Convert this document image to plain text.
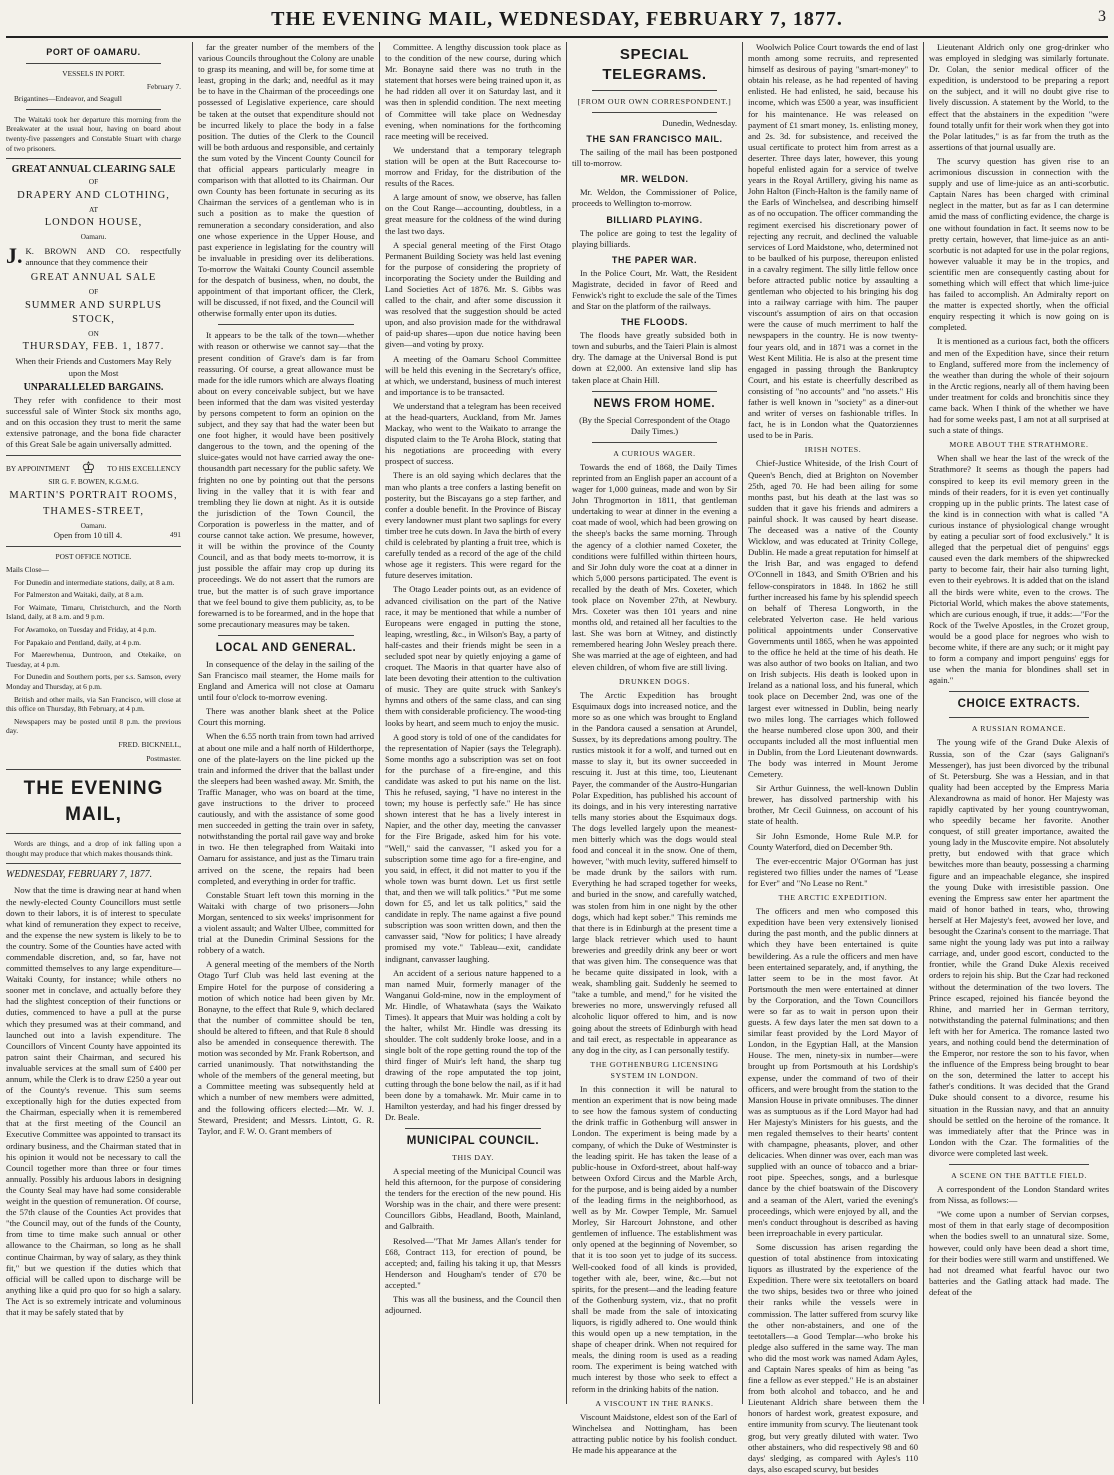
THE EVENING MAIL, WEDNESDAY, FEBRUARY 7, 1877.	3
PORT OF OAMARU.

VESSELS IN PORT.

February 7.

Brigantines—Endeavor, and Seagull

The Waitaki took her departure this morning from the Breakwater at the usual hour, having on board about twenty-five passengers and Constable Stuart with charge of two prisoners.

GREAT ANNUAL CLEARING SALE
OF
DRAPERY AND CLOTHING,
AT
LONDON HOUSE,
Oamaru.

J. K. BROWN AND CO. respectfully announce that they commence their

GREAT ANNUAL SALE
OF
SUMMER AND SURPLUS STOCK,
ON
THURSDAY, FEB. 1, 1877.

When their Friends and Customers May Rely upon the Most

UNPARALLELED BARGAINS.

They refer with confidence to their most successful sale of Winter Stock six months ago, and on this occasion they trust to merit the same extensive patronage, and the bona fide character of this Great Sale be again universally admitted.

BY APPOINTMENT ♔ TO HIS EXCELLENCY
SIR G. F. BOWEN, K.G.M.G.
MARTIN'S PORTRAIT ROOMS,
THAMES-STREET,
Oamaru.
Open from 10 till 4.	491

POST OFFICE NOTICE.

Mails Close—

For Dunedin and intermediate stations, daily, at 8 a.m.

For Palmerston and Waitaki, daily, at 8 a.m.

For Waimate, Timaru, Christchurch, and the North Island, daily, at 8 a.m. and 9 p.m.

For Awamoko, on Tuesday and Friday, at 4 p.m.

For Papakaio and Pentland, daily, at 4 p.m.

For Maerewhenua, Duntroon, and Otekaike, on Tuesday, at 4 p.m.

For Dunedin and Southern ports, per s.s. Samson, every Monday and Thursday, at 6 p.m.

British and other mails, via San Francisco, will close at this office on Thursday, 8th February, at 4 p.m.

Newspapers may be posted until 8 p.m. the previous day.

FRED. BICKNELL,

Postmaster.

THE EVENING MAIL,

Words are things, and a drop of ink falling upon a thought may produce that which makes thousands think.

WEDNESDAY, FEBRUARY 7, 1877.

Now that the time is drawing near at hand when the newly-elected County Councillors must settle down to their labors, it is of interest to speculate what kind of remuneration they expect to receive, and the expense the new system is likely to be to the country. Some of the Counties have acted with commendable discretion, and, so far, have not committed themselves to any large expenditure—Waitaki County, for instance; while others no sooner met in conclave, and actually before they had the slightest conception of their functions or duties, commenced to have a pull at the purse which they presumed was at their command, and launched out into a lavish expenditure. The Councillors of Vincent County have appointed its patron saint their Chairman, and secured his invaluable services at the small sum of £400 per annum, while the Clerk is to draw £250 a year out of the County's revenue. This sum seems exceptionally high for the duties expected from the Chairman, especially when it is remembered that at the first meeting of the Council an Executive Committee was appointed to transact its ordinary business, and the Chairman stated that in his opinion it would not be necessary to call the Council together more than three or four times annually. Possibly his arduous labors in designing the County Seal may have had some considerable weight in the question of remuneration. Of course, the 57th clause of the Counties Act provides that "the Council may, out of the funds of the County, from time to time make such annual or other allowance to the Chairman, so long as he shall continue Chairman, by way of salary, as they think fit," but we question if the duties which that official will be called upon to discharge will be anything like a quid pro quo for so high a salary. The Act is so extremely intricate and voluminous that it may be safely stated that by

far the greater number of the members of the various Councils throughout the Colony are unable to grasp its meaning, and will be, for some time at least, groping in the dark; and, needful as it may be to have in the Chairman of the proceedings one possessed of Legislative experience, care should be taken at the outset that expenditure should not be incurred likely to place the body in a false position. The duties of the Clerk to the Council will be both arduous and responsible, and certainly the sum voted by the Vincent County Council for that official appears particularly meagre in comparison with that allotted to its Chairman. Our own County has been fortunate in securing as its Chairman the services of a gentleman who is in such a position as to make the question of remuneration a secondary consideration, and also one whose experience in the Upper House, and past experience in legislating for the country will be invaluable in presiding over its deliberations. To-morrow the Waitaki County Council assemble for the despatch of business, when, no doubt, the appointment of that important officer, the Clerk, will be discussed, if not fixed, and the Council will otherwise formally enter upon its duties.

It appears to be the talk of the town—whether with reason or otherwise we cannot say—that the present condition of Grave's dam is far from reassuring. Of course, a great allowance must be made for the idle rumors which are always floating about on every conceivable subject, but we have been informed that the dam was visited yesterday by persons competent to form an opinion on the subject, and they say that had the water been but one foot higher, it would have been positively dangerous to the town, and the opening of the sluice-gates would not have carried away the one-thousandth part necessary for the public safety. We frighten no one by pointing out that the persons living in the valley that it is with fear and trembling they lie down at night. As it is outside the jurisdiction of the Town Council, the Corporation is powerless in the matter, and of course cannot take action. We presume, however, it will be within the province of the County Council, and as that body meets to-morrow, it is just possible the affair may crop up during its proceedings. We do not assert that the rumors are true, but the matter is of such grave importance that we feel bound to give them publicity, as, to be forewarned is to be forearmed, and in the hope that some precautionary measures may be taken.

LOCAL AND GENERAL.

In consequence of the delay in the sailing of the San Francisco mail steamer, the Home mails for England and America will not close at Oamaru until four o'clock to-morrow evening.

There was another blank sheet at the Police Court this morning.

When the 6.55 north train from town had arrived at about one mile and a half north of Hilderthorpe, one of the plate-layers on the line picked up the train and informed the driver that the ballast under the sleepers had been washed away. Mr. Smith, the Traffic Manager, who was on board at the time, gave instructions to the driver to proceed cautiously, and with the assistance of some good men succeeded in getting the train over in safety, notwithstanding the portal rail gave way and broke in two. He then telegraphed from Waitaki into Oamaru for assistance, and just as the Timaru train arrived on the scene, the repairs had been completed, and everything in order for traffic.

Constable Stuart left town this morning in the Waitaki with charge of two prisoners—John Morgan, sentenced to six weeks' imprisonment for a violent assault; and Walter Ulbee, committed for trial at the Dunedin Criminal Sessions for the robbery of a watch.

A general meeting of the members of the North Otago Turf Club was held last evening at the Empire Hotel for the purpose of considering a motion of which notice had been given by Mr. Bonayne, to the effect that Rule 9, which declared that the number of committee should be ten, should be altered to fifteen, and that Rule 8 should also be amended in consequence therewith. The motion was seconded by Mr. Frank Robertson, and carried unanimously. That notwithstanding the whole of the members of the general meeting, but a Committee meeting was subsequently held at which a number of new members were admitted, and the following officers elected:—Mr. W. J. Steward, President; and Messrs. Lintott, G. R. Taylor, and F. W. O. Grant members of

Committee. A lengthy discussion took place as to the condition of the new course, during which Mr. Bonayne said there was no truth in the statement that horses were being trained upon it, as he had ridden all over it on Saturday last, and it was then in splendid condition. The next meeting of Committee will take place on Wednesday evening, when nominations for the forthcoming race meeting will be received.

We understand that a temporary telegraph station will be open at the Butt Racecourse to-morrow and Friday, for the distribution of the results of the Races.

A large amount of snow, we observe, has fallen on the Cout Range—accounting, doubtless, in a great measure for the coldness of the wind during the last two days.

A special general meeting of the First Otago Permanent Building Society was held last evening for the purpose of considering the propriety of incorporating the Society under the Building and Land Societies Act of 1876. Mr. S. Gibbs was called to the chair, and after some discussion it was resolved that the suggestion should be acted upon, and also provision made for the withdrawal of paid-up shares—upon due notice having been given—and voting by proxy.

A meeting of the Oamaru School Committee will be held this evening in the Secretary's office, at which, we understand, business of much interest and importance is to be transacted.

We understand that a telegram has been received at the head-quarters, Auckland, from Mr. James Mackay, who went to the Waikato to arrange the disputed claim to the Te Aroha Block, stating that his negotiations are proceeding with every prospect of success.

There is an old saying which declares that the man who plants a tree confers a lasting benefit on posterity, but the Biscayans go a step farther, and confer a double benefit. In the Province of Biscay every landowner must plant two saplings for every timber tree he cuts down. In Java the birth of every child is celebrated by planting a fruit tree, which is carefully tended as a record of the age of the child whose age it registers. This were regard for the future deserves imitation.

The Otago Leader points out, as an evidence of advanced civilisation on the part of the Native race, it may be mentioned that while a number of Europeans were engaged in putting the stone, leaping, wrestling, &c., in Wilson's Bay, a party of half-castes and their friends might be seen in a secluded spot near by quietly enjoying a game of croquet. The Maoris in that quarter have also of late been devoting their attention to the cultivation of music. They are quite struck with Sankey's hymns and others of the same class, and can sing them with considerable proficiency. The wood-ting looks by heart, and seem much to enjoy the music.

A good story is told of one of the candidates for the representation of Napier (says the Telegraph). Some months ago a subscription was set on foot for the purchase of a fire-engine, and this candidate was asked to put his name on the list. This he refused, saying, "I have no interest in the town; my house is perfectly safe." He has since shown interest that he has a lively interest in Napier, and the other day, meeting the canvasser for the Fire Brigade, asked him for his vote. "Well," said the canvasser, "I asked you for a subscription some time ago for a fire-engine, and you said, in effect, it did not matter to you if the whole town was burnt down. Let us first settle that, and then we will talk politics." "Put me some down for £5, and let us talk politics," said the candidate in reply. The name against a five pound subscription was soon written down, and then the canvasser said, "Now for politics; I have already promised my vote." Tableau—exit, candidate indignant, canvasser laughing.

An accident of a serious nature happened to a man named Muir, formerly manager of the Wanganui Gold-mine, now in the employment of Mr. Hindle, of Whatawhata (says the Waikato Times). It appears that Muir was holding a colt by the halter, whilst Mr. Hindle was dressing its shoulder. The colt suddenly broke loose, and in a single bolt of the rope getting round the top of the third finger of Muir's left hand, the sharp tug drawing of the rope amputated the top joint, cutting through the bone below the nail, as if it had been done by a tomahawk. Mr. Muir came in to Hamilton yesterday, and had his finger dressed by Dr. Beale.

MUNICIPAL COUNCIL.
THIS DAY.

A special meeting of the Municipal Council was held this afternoon, for the purpose of considering the tenders for the erection of the new pound. His Worship was in the chair, and there were present: Councillors Gibbs, Headland, Booth, Mainland, and Galbraith.

Resolved—"That Mr James Allan's tender for £68, Contract 113, for erection of pound, be accepted; and, failing his taking it up, that Messrs Henderson and Hougham's tender of £70 be accepted."

This was all the business, and the Council then adjourned.

SPECIAL TELEGRAMS.
[FROM OUR OWN CORRESPONDENT.]

Dunedin, Wednesday.

THE SAN FRANCISCO MAIL.

The sailing of the mail has been postponed till to-morrow.

MR. WELDON.

Mr. Weldon, the Commissioner of Police, proceeds to Wellington to-morrow.

BILLIARD PLAYING.

The police are going to test the legality of playing billiards.

THE PAPER WAR.

In the Police Court, Mr. Watt, the Resident Magistrate, decided in favor of Reed and Fenwick's right to exclude the sale of the Times and Star on the platform of the railways.

THE FLOODS.

The floods have greatly subsided both in town and suburbs, and the Taieri Plain is almost dry. The damage at the Universal Bond is put down at £2,000. An extensive land slip has taken place at Chain Hill.

NEWS FROM HOME.

(By the Special Correspondent of the Otago Daily Times.)

A CURIOUS WAGER.

Towards the end of 1868, the Daily Times reprinted from an English paper an account of a wager for 1,000 guineas, made and won by Sir John Throgmorton in 1811, that gentleman undertaking to wear at dinner in the evening a coat made of wool, which had been growing on the sheep's backs the same morning. Through the agency of a clothier named Coxeter, the conditions were fulfilled within thirteen hours, and Sir John duly wore the coat at a dinner in which 5,000 persons participated. The event is recalled by the death of Mrs. Coxeter, which took place on November 27th, at Newbury. Mrs. Coxeter was then 101 years and nine months old, and retained all her faculties to the last. She was born at Witney, and distinctly remembered hearing John Wesley preach there. She was married at the age of eighteen, and had eleven children, of whom five are still living.

DRUNKEN DOGS.

The Arctic Expedition has brought Esquimaux dogs into increased notice, and the more so as one which was brought to England in the Pandora caused a sensation at Arundel, Sussex, by its depredations among poultry. The rustics mistook it for a wolf, and turned out en masse to slay it, but its owner succeeded in rescuing it. Just at this time, too, Lieutenant Payer, the commander of the Austro-Hungarian Polar Expedition, has published his account of its doings, and in his very interesting narrative tells many stories about the Esquimaux dogs. The dogs levelled largely upon the meanest-men bitterly which was the dogs would steal food and conceal it in the snow. One of them, however, "with much levity, suffered himself to be made drunk by the sailors with rum. Everything he had scraped together for weeks, and buried in the snow, and carefully watched, was stolen from him in one night by the other dogs, which had kept sober." This reminds me that there is in Edinburgh at the present time a large black retriever which used to haunt breweries and greedily drink any beer or wort that was given him. The consequence was that he became quite dissipated in look, with a weak, shambling gait. Suddenly he seemed to "take a tumble, and mend," for he visited the breweries no more, unswervingly refused all alcoholic liquor offered to him, and is now going about the streets of Edinburgh with head and tail erect, as respectable in appearance as any dog in the city, as I can personally testify.

THE GOTHENBURG LICENSING SYSTEM IN LONDON.

In this connection it will be natural to mention an experiment that is now being made to see how the famous system of conducting the drink traffic in Gothenburg will answer in London. The experiment is being made by a company, of which the Duke of Westminster is the leading spirit. He has taken the lease of a public-house in Oxford-street, about half-way between Oxford Circus and the Marble Arch, for the purpose, and is being aided by a number of the leading firms in the neighborhood, as well as by Mr. Cowper Temple, Mr. Samuel Morley, Sir Harcourt Johnstone, and other gentlemen of influence. The establishment was only opened at the beginning of November, so that it is too soon yet to judge of its success. Well-cooked food of all kinds is provided, together with ale, beer, wine, &c.—but not spirits, for the present—and the leading feature of the Gothenburg system, viz., that no profit shall be made from the sale of intoxicating liquors, is rigidly adhered to. One would think this would open up a new temptation, in the shape of cheaper drink. When not required for meals, the dining room is used as a reading room. The experiment is being watched with much interest by those who seek to effect a reform in the drinking habits of the nation.

A VISCOUNT IN THE RANKS.

Viscount Maidstone, eldest son of the Earl of Winchelsea and Nottingham, has been attracting public notice by his foolish conduct. He made his appearance at the

Woolwich Police Court towards the end of last month among some recruits, and represented himself as desirous of paying "smart-money" to obtain his release, as he had repented of having enlisted. He had enlisted, he said, because his income, which was £500 a year, was insufficient for his maintenance. He was released on payment of £1 smart money, 1s. enlisting money, and 2s. 3d. for subsistence, and received the usual certificate to protect him from arrest as a deserter. Three days later, however, this young hopeful enlisted again for a service of twelve years in the Royal Artillery, giving his name as John Halton (Finch-Halton is the family name of the Earls of Winchelsea, and describing himself as of no occupation. The officer commanding the regiment exercised his discretionary power of rejecting any recruit, and declined the valuable services of Lord Maidstone, who, determined not to be baulked of his purpose, thereupon enlisted in a cavalry regiment. The silly little fellow once before attracted public notice by assaulting a gentleman who objected to his bringing his dog into a railway carriage with him. The pauper viscount's assumption of airs on that occasion were the cause of much merriment to half the newspapers in the country. He is now twenty-four years old, and in 1871 was a cornet in the West Kent Militia. He is also at the present time engaged in passing through the Bankruptcy Court, and his estate is cheerfully described as consisting of "no accounts" and "no assets." His father is well known in "society" as a diner-out and writer of verses on fashionable trifles. In fact, he is in London what the Quatorziennes used to be in Paris.

IRISH NOTES.

Chief-Justice Whiteside, of the Irish Court of Queen's Bench, died at Brighton on November 25th, aged 70. He had been ailing for some months past, but his death at the last was so sudden that it gave his friends and admirers a painful shock. It was caused by heart disease. The deceased was a native of the County Wicklow, and was educated at Trinity College, Dublin. He made a great reputation for himself at the Irish Bar, and was engaged to defend O'Connell in 1843, and Smith O'Brien and his fellow-conspirators in 1848. In 1862 he still further increased his fame by his splendid speech on behalf of Theresa Longworth, in the celebrated Yelverton case. He held various political appointments under Conservative Governments until 1865, when he was appointed to the office he held at the time of his death. He was also author of two books on Italian, and two on Irish subjects. His death is looked upon in Ireland as a national loss, and his funeral, which took place on December 2nd, was one of the largest ever witnessed in Dublin, being nearly two miles long. The carriages which followed the hearse numbered close upon 300, and their occupants included all the most influential men in Dublin, from the Lord Lieutenant downwards. The body was interred in Mount Jerome Cemetery.

Sir Arthur Guinness, the well-known Dublin brewer, has dissolved partnership with his brother, Mr Cecil Guinness, on account of his state of health.

Sir John Esmonde, Home Rule M.P. for County Waterford, died on December 9th.

The ever-eccentric Major O'Gorman has just registered two fillies under the names of "Lease for Ever" and "No Lease no Rent."

THE ARCTIC EXPEDITION.

The officers and men who composed this expedition have been very extensively lionised during the past month, and the public dinners at which they have been entertained is quite bewildering. As a rule the officers and men have been entertained separately, and, if anything, the latter seem to be in the most favor. At Portsmouth the men were entertained at dinner by the Corporation, and the Town Councillors were so far as to wait in person upon their guests. A few days later the men sat down to a similar feast provided by the Lord Mayor of London, in the Egyptian Hall, at the Mansion House. The men, ninety-six in number—were brought up from Portsmouth at his Lordship's expense, under the command of two of their officers, and were brought from the station to the Mansion House in private omnibuses. The dinner was as sumptuous as if the Lord Mayor had had Her Majesty's Ministers for his guests, and the men regaled themselves to their hearts' content with champagne, pheasants, plover, and other delicacies. When dinner was over, each man was supplied with an ounce of tobacco and a briar-root pipe. Speeches, songs, and a burlesque dance by the chief boatswain of the Discovery and a seaman of the Alert, varied the evening's proceedings, which were enjoyed by all, and the men's conduct throughout is described as having been irreproachable in every particular.

Some discussion has arisen regarding the question of total abstinence from intoxicating liquors as illustrated by the experience of the Expedition. There were six teetotallers on board the two ships, besides two or three who joined their ranks while the vessels were in commission. The latter suffered from scurvy like the other non-abstainers, and one of the teetotallers—a Good Templar—who broke his pledge also suffered in the same way. The man who did the most work was named Adam Ayles, and Captain Nares speaks of him as being "as fine a fellow as ever stepped." He is an abstainer from both alcohol and tobacco, and he and Lieutenant Aldrich share between them the honors of hardest work, greatest exposure, and entire immunity from scurvy. The lieutenant took grog, but very greatly diluted with water. Two other abstainers, who did respectively 98 and 60 days' sledging, as compared with Ayles's 110 days, also escaped scurvy, but besides

Lieutenant Aldrich only one grog-drinker who was employed in sledging was similarly fortunate. Dr. Colan, the senior medical officer of the expedition, is understood to be preparing a report on the subject, and it will no doubt give rise to lively discussion. A statement by the World, to the effect that the abstainers in the expedition "were found totally unfit for their work when they got into the Polar latitudes," is as far from the truth as the assertions of that journal usually are.

The scurvy question has given rise to an acrimonious discussion in connection with the supply and use of lime-juice as an anti-scorbutic. Captain Nares has been charged with criminal neglect in the matter, but as far as I can determine amid the mass of conflicting evidence, the charge is one without foundation in fact. It seems now to be pretty certain, however, that lime-juice as an anti-scorbutic is not adapted for use in the polar regions, however valuable it may be in the tropics, and scientific men are consequently casting about for something which will effect that which lime-juice has failed to accomplish. An Admiralty report on the matter is expected shortly, when the official enquiry respecting it which is now going on is completed.

It is mentioned as a curious fact, both the officers and men of the Expedition have, since their return to England, suffered more from the inclemency of the weather than during the whole of their sojourn in the Arctic regions, nearly all of them having been under treatment for colds and bronchitis since they came back. When I think of the whether we have had for some weeks past, I am not at all surprised at such a state of things.

MORE ABOUT THE STRATHMORE.

When shall we hear the last of the wreck of the Strathmore? It seems as though the papers had conspired to keep its evil memory green in the minds of their readers, for it is even yet continually cropping up in the public prints. The latest case of the kind is in connection with what is called "A curious instance of physiological change wrought by eating a peculiar sort of food exclusively." It is alleged that the perpetual diet of penguins' eggs caused even the dark members of the shipwrecked party to become fair, their hair also turning light, even to their eyebrows. It is added that on the island all the birds were white, even to the crows. The Pictorial World, which makes the above statements, which are curious enough, if true, it adds:—"For the Rock of the Twelve Apostles, in the Crozet group, would be a good place for negroes who wish to become white, if there are any such; or it might pay to form a company and import penguins' eggs for use when the mania for blondines shall set in again."

CHOICE EXTRACTS.
A RUSSIAN ROMANCE.

The young wife of the Grand Duke Alexis of Russia, son of the Czar (says Galignani's Messenger), has just been divorced by the tribunal of St. Petersburg. She was a Hessian, and in that quality had been accepted by the Empress Maria Alexandrowna as maid of honor. Her Majesty was rapidly captivated by her young countrywoman, who speedily became her favorite. Another conquest, of still greater importance, awaited the young lady in the Muscovite empire. Not absolutely pretty, but endowed with that grace which bewitches more than beauty, possessing a charming figure and an impeachable elegance, she inspired the young Duke with irresistible passion. One evening the Empress saw enter her apartment the maid of honor bathed in tears, who, throwing herself at Her Majesty's feet, avowed her love, and besought the Czarina's consent to the marriage. That same night the young lady was put into a railway carriage, and, under good escort, conducted to the frontier, while the Grand Duke Alexis received orders to rejoin his ship. But the Czar had reckoned without the determination of the two lovers. The Prince escaped, rejoined his fiancée beyond the Rhine, and married her in German territory, notwithstanding the paternal fulminations; and then left with her for America. The romance lasted two years, and nothing could bend the determination of the Emperor, nor restore the son to his favor, when the influence of the Empress being brought to bear on the son, determined the latter to accept his father's conditions. It was decided that the Grand Duke should consent to a divorce, resume his situation in the Russian navy, and that an annuity should be settled on the heroine of the romance. It was immediately after that the Prince was in London with the Czar. The formalities of the divorce were completed last week.

A SCENE ON THE BATTLE FIELD.

A correspondent of the London Standard writes from Nissa, as follows:—

"We come upon a number of Servian corpses, most of them in that early stage of decomposition when the bodies swell to an unnatural size. Some, however, could only have been dead a short time, for their bodies were still warm and unstiffened. We had not dreamed what fearful havoc our two batteries and the Gatling attack had made. The defeat of the
